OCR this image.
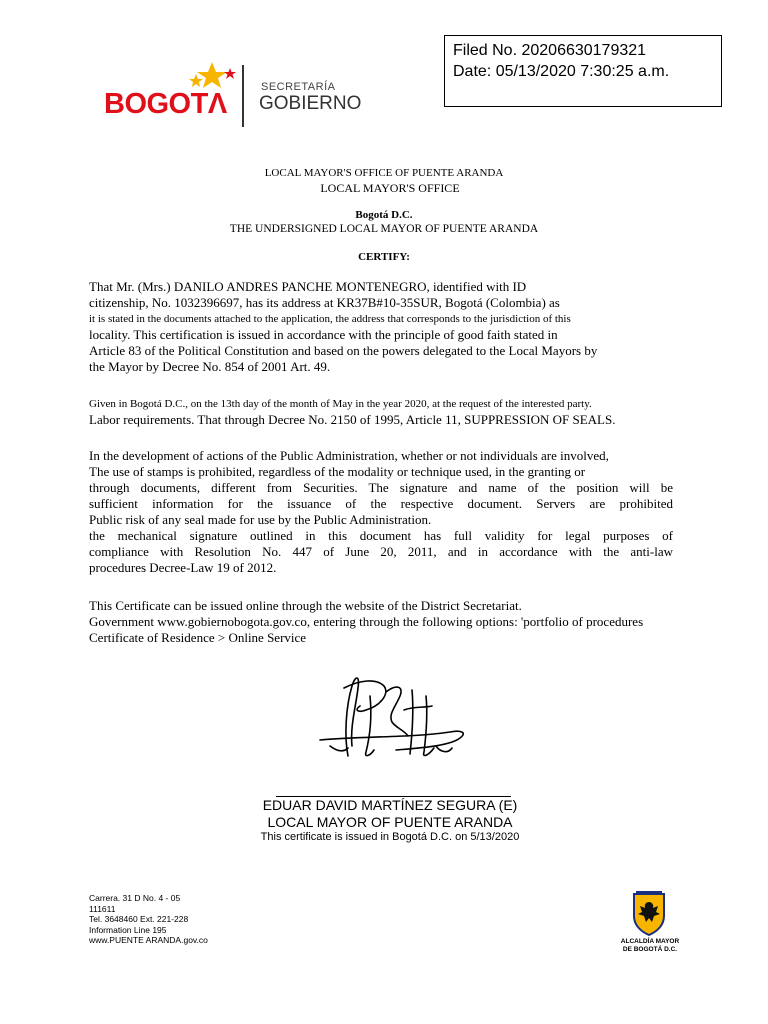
BOGOTΛ
SECRETARÍA
GOBIERNO
Filed No. 20206630179321
Date: 05/13/2020 7:30:25 a.m.
LOCAL MAYOR'S OFFICE OF PUENTE ARANDA
LOCAL MAYOR'S OFFICE
Bogotá D.C.
THE UNDERSIGNED LOCAL MAYOR OF PUENTE ARANDA
CERTIFY:
That Mr. (Mrs.) DANILO ANDRES PANCHE MONTENEGRO, identified with ID
citizenship, No. 1032396697, has its address at KR37B#10-35SUR, Bogotá (Colombia) as
it is stated in the documents attached to the application, the address that corresponds to the jurisdiction of this
locality. This certification is issued in accordance with the principle of good faith stated in
Article 83 of the Political Constitution and based on the powers delegated to the Local Mayors by
the Mayor by Decree No. 854 of 2001 Art. 49.
Given in Bogotá D.C., on the 13th day of the month of May in the year 2020, at the request of the interested party.
Labor requirements. That through Decree No. 2150 of 1995, Article 11, SUPPRESSION OF SEALS.
In the development of actions of the Public Administration, whether or not individuals are involved,
The use of stamps is prohibited, regardless of the modality or technique used, in the granting or
through documents, different from Securities. The signature and name of the position will be
sufficient information for the issuance of the respective document. Servers are prohibited
Public risk of any seal made for use by the Public Administration.
the mechanical signature outlined in this document has full validity for legal purposes of
compliance with Resolution No. 447 of June 20, 2011, and in accordance with the anti-law
procedures Decree-Law 19 of 2012.
This Certificate can be issued online through the website of the District Secretariat.
Government www.gobiernobogota.gov.co, entering through the following options: 'portfolio of procedures
Certificate of Residence > Online Service
EDUAR DAVID MARTÍNEZ SEGURA (E)
LOCAL MAYOR OF PUENTE ARANDA
This certificate is issued in Bogotá D.C. on 5/13/2020
Carrera. 31 D No. 4 - 05
111611
Tel. 3648460 Ext. 221-228
Information Line 195
www.PUENTE ARANDA.gov.co	ALCALDÍA MAYOR
DE BOGOTÁ D.C.
